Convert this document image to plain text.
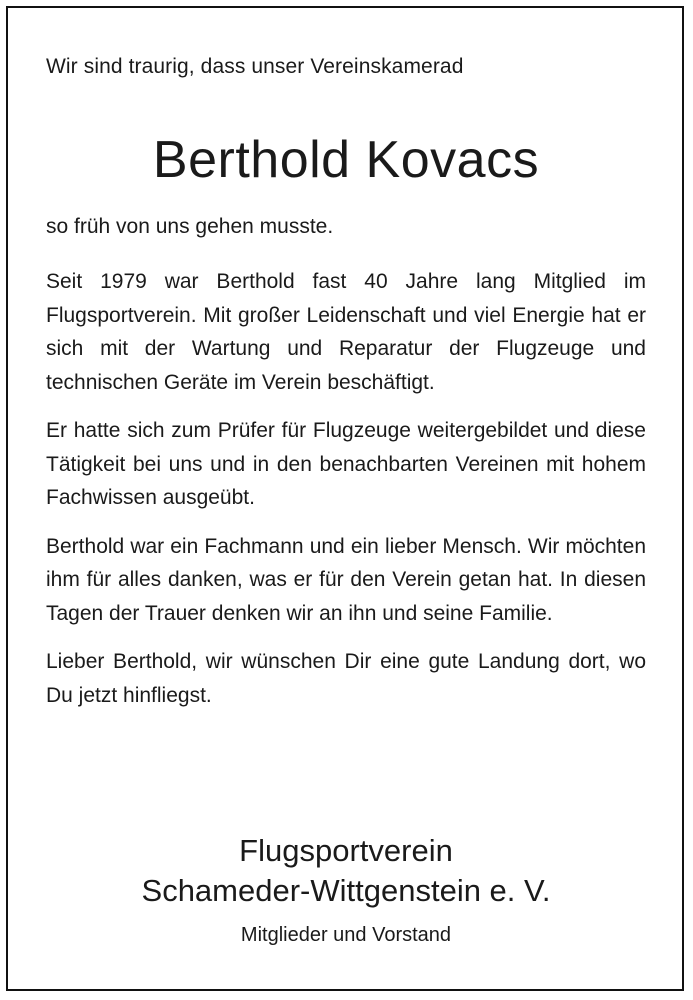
Wir sind traurig, dass unser Vereinskamerad

Berthold Kovacs

so früh von uns gehen musste.

Seit 1979 war Berthold fast 40 Jahre lang Mitglied im Flugsportverein. Mit großer Leidenschaft und viel Energie hat er sich mit der Wartung und Reparatur der Flugzeuge und technischen Geräte im Verein beschäftigt.

Er hatte sich zum Prüfer für Flugzeuge weitergebildet und diese Tätigkeit bei uns und in den benachbarten Vereinen mit hohem Fachwissen ausgeübt.

Berthold war ein Fachmann und ein lieber Mensch. Wir möchten ihm für alles danken, was er für den Verein getan hat. In diesen Tagen der Trauer denken wir an ihn und seine Familie.

Lieber Berthold, wir wünschen Dir eine gute Landung dort, wo Du jetzt hinfliegst.

Flugsportverein
Schameder-Wittgenstein e. V.
Mitglieder und Vorstand
